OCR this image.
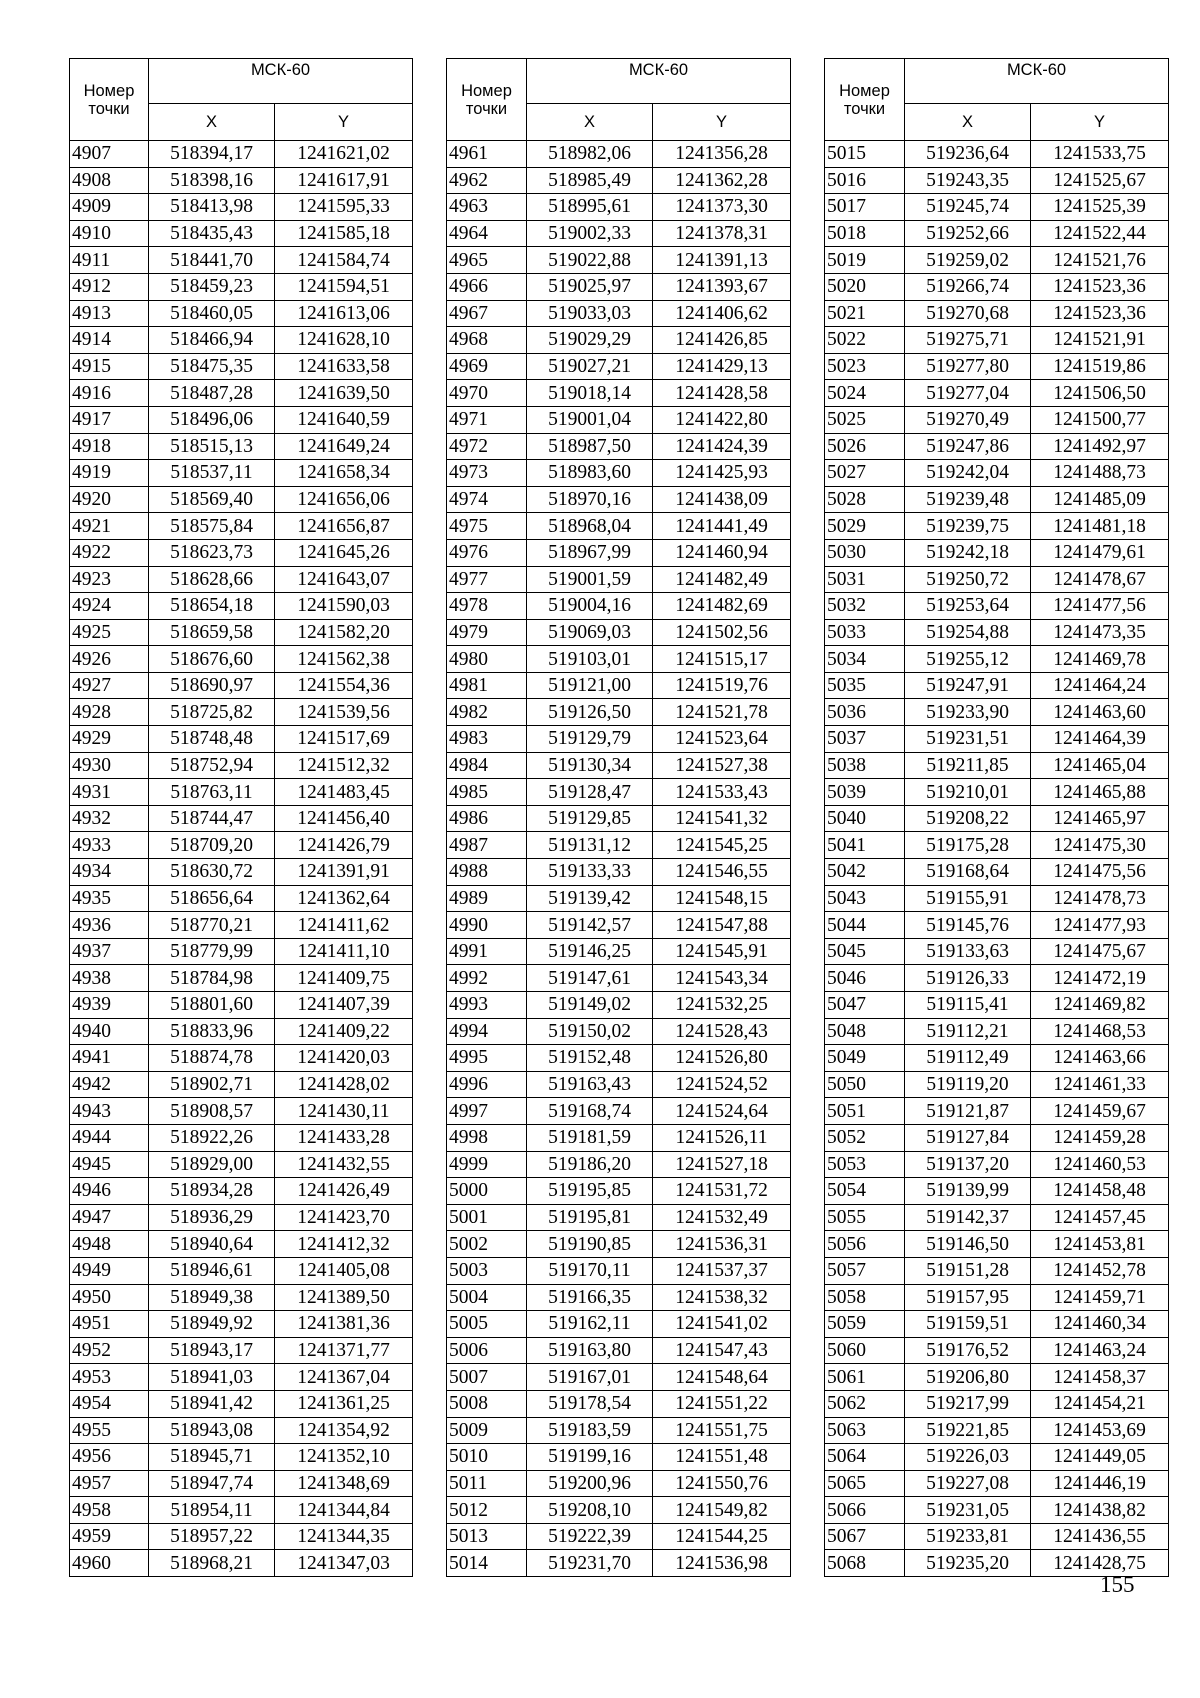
Номер
точки	МСК-60	
	X	Y
4907	518394,17	1241621,02
4908	518398,16	1241617,91
4909	518413,98	1241595,33
4910	518435,43	1241585,18
4911	518441,70	1241584,74
4912	518459,23	1241594,51
4913	518460,05	1241613,06
4914	518466,94	1241628,10
4915	518475,35	1241633,58
4916	518487,28	1241639,50
4917	518496,06	1241640,59
4918	518515,13	1241649,24
4919	518537,11	1241658,34
4920	518569,40	1241656,06
4921	518575,84	1241656,87
4922	518623,73	1241645,26
4923	518628,66	1241643,07
4924	518654,18	1241590,03
4925	518659,58	1241582,20
4926	518676,60	1241562,38
4927	518690,97	1241554,36
4928	518725,82	1241539,56
4929	518748,48	1241517,69
4930	518752,94	1241512,32
4931	518763,11	1241483,45
4932	518744,47	1241456,40
4933	518709,20	1241426,79
4934	518630,72	1241391,91
4935	518656,64	1241362,64
4936	518770,21	1241411,62
4937	518779,99	1241411,10
4938	518784,98	1241409,75
4939	518801,60	1241407,39
4940	518833,96	1241409,22
4941	518874,78	1241420,03
4942	518902,71	1241428,02
4943	518908,57	1241430,11
4944	518922,26	1241433,28
4945	518929,00	1241432,55
4946	518934,28	1241426,49
4947	518936,29	1241423,70
4948	518940,64	1241412,32
4949	518946,61	1241405,08
4950	518949,38	1241389,50
4951	518949,92	1241381,36
4952	518943,17	1241371,77
4953	518941,03	1241367,04
4954	518941,42	1241361,25
4955	518943,08	1241354,92
4956	518945,71	1241352,10
4957	518947,74	1241348,69
4958	518954,11	1241344,84
4959	518957,22	1241344,35
4960	518968,21	1241347,03
Номер
точки	МСК-60	
	X	Y
4961	518982,06	1241356,28
4962	518985,49	1241362,28
4963	518995,61	1241373,30
4964	519002,33	1241378,31
4965	519022,88	1241391,13
4966	519025,97	1241393,67
4967	519033,03	1241406,62
4968	519029,29	1241426,85
4969	519027,21	1241429,13
4970	519018,14	1241428,58
4971	519001,04	1241422,80
4972	518987,50	1241424,39
4973	518983,60	1241425,93
4974	518970,16	1241438,09
4975	518968,04	1241441,49
4976	518967,99	1241460,94
4977	519001,59	1241482,49
4978	519004,16	1241482,69
4979	519069,03	1241502,56
4980	519103,01	1241515,17
4981	519121,00	1241519,76
4982	519126,50	1241521,78
4983	519129,79	1241523,64
4984	519130,34	1241527,38
4985	519128,47	1241533,43
4986	519129,85	1241541,32
4987	519131,12	1241545,25
4988	519133,33	1241546,55
4989	519139,42	1241548,15
4990	519142,57	1241547,88
4991	519146,25	1241545,91
4992	519147,61	1241543,34
4993	519149,02	1241532,25
4994	519150,02	1241528,43
4995	519152,48	1241526,80
4996	519163,43	1241524,52
4997	519168,74	1241524,64
4998	519181,59	1241526,11
4999	519186,20	1241527,18
5000	519195,85	1241531,72
5001	519195,81	1241532,49
5002	519190,85	1241536,31
5003	519170,11	1241537,37
5004	519166,35	1241538,32
5005	519162,11	1241541,02
5006	519163,80	1241547,43
5007	519167,01	1241548,64
5008	519178,54	1241551,22
5009	519183,59	1241551,75
5010	519199,16	1241551,48
5011	519200,96	1241550,76
5012	519208,10	1241549,82
5013	519222,39	1241544,25
5014	519231,70	1241536,98
Номер
точки	МСК-60	
	X	Y
5015	519236,64	1241533,75
5016	519243,35	1241525,67
5017	519245,74	1241525,39
5018	519252,66	1241522,44
5019	519259,02	1241521,76
5020	519266,74	1241523,36
5021	519270,68	1241523,36
5022	519275,71	1241521,91
5023	519277,80	1241519,86
5024	519277,04	1241506,50
5025	519270,49	1241500,77
5026	519247,86	1241492,97
5027	519242,04	1241488,73
5028	519239,48	1241485,09
5029	519239,75	1241481,18
5030	519242,18	1241479,61
5031	519250,72	1241478,67
5032	519253,64	1241477,56
5033	519254,88	1241473,35
5034	519255,12	1241469,78
5035	519247,91	1241464,24
5036	519233,90	1241463,60
5037	519231,51	1241464,39
5038	519211,85	1241465,04
5039	519210,01	1241465,88
5040	519208,22	1241465,97
5041	519175,28	1241475,30
5042	519168,64	1241475,56
5043	519155,91	1241478,73
5044	519145,76	1241477,93
5045	519133,63	1241475,67
5046	519126,33	1241472,19
5047	519115,41	1241469,82
5048	519112,21	1241468,53
5049	519112,49	1241463,66
5050	519119,20	1241461,33
5051	519121,87	1241459,67
5052	519127,84	1241459,28
5053	519137,20	1241460,53
5054	519139,99	1241458,48
5055	519142,37	1241457,45
5056	519146,50	1241453,81
5057	519151,28	1241452,78
5058	519157,95	1241459,71
5059	519159,51	1241460,34
5060	519176,52	1241463,24
5061	519206,80	1241458,37
5062	519217,99	1241454,21
5063	519221,85	1241453,69
5064	519226,03	1241449,05
5065	519227,08	1241446,19
5066	519231,05	1241438,82
5067	519233,81	1241436,55
5068	519235,20	1241428,75
155
